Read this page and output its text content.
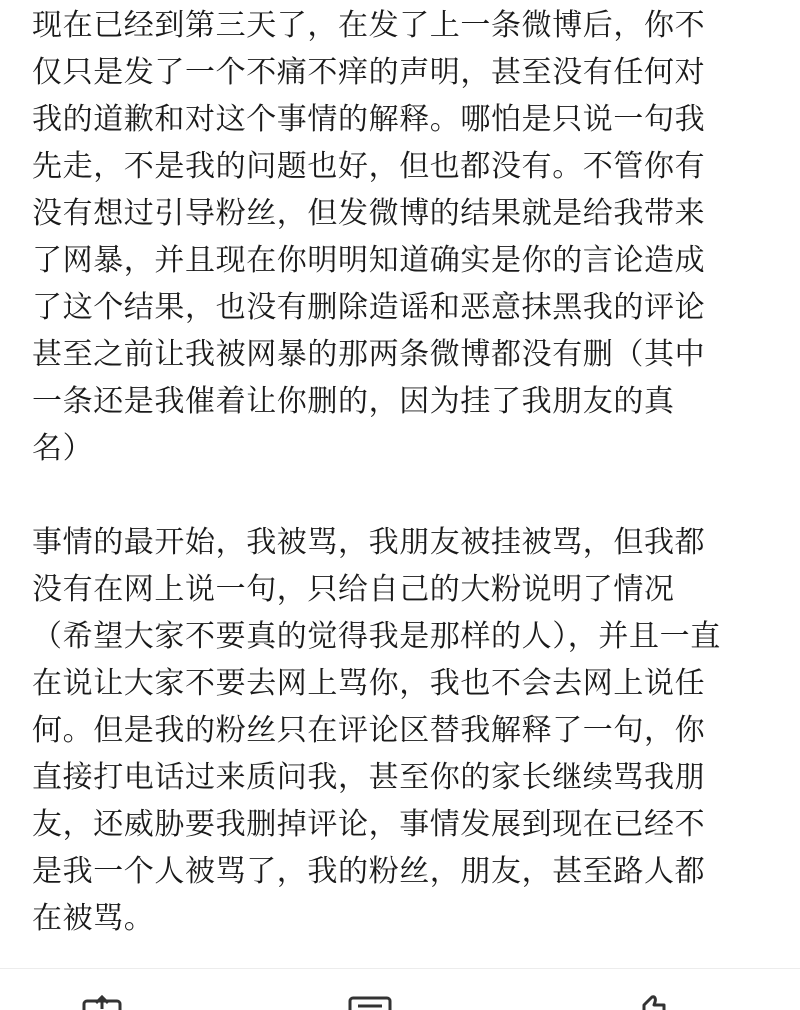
现在已经到第三天了，在发了上一条微博后，你不
仅只是发了一个不痛不痒的声明，甚至没有任何对
我的道歉和对这个事情的解释。哪怕是只说一句我
先走，不是我的问题也好，但也都没有。不管你有
没有想过引导粉丝，但发微博的结果就是给我带来
了网暴，并且现在你明明知道确实是你的言论造成
了这个结果，也没有删除造谣和恶意抹黑我的评论
甚至之前让我被网暴的那两条微博都没有删（其中
一条还是我催着让你删的，因为挂了我朋友的真
名）
事情的最开始，我被骂，我朋友被挂被骂，但我都
没有在网上说一句，只给自己的大粉说明了情况
（希望大家不要真的觉得我是那样的人），并且一直
在说让大家不要去网上骂你，我也不会去网上说任
何。但是我的粉丝只在评论区替我解释了一句，你
直接打电话过来质问我，甚至你的家长继续骂我朋
友，还威胁要我删掉评论，事情发展到现在已经不
是我一个人被骂了，我的粉丝，朋友，甚至路人都
在被骂。
